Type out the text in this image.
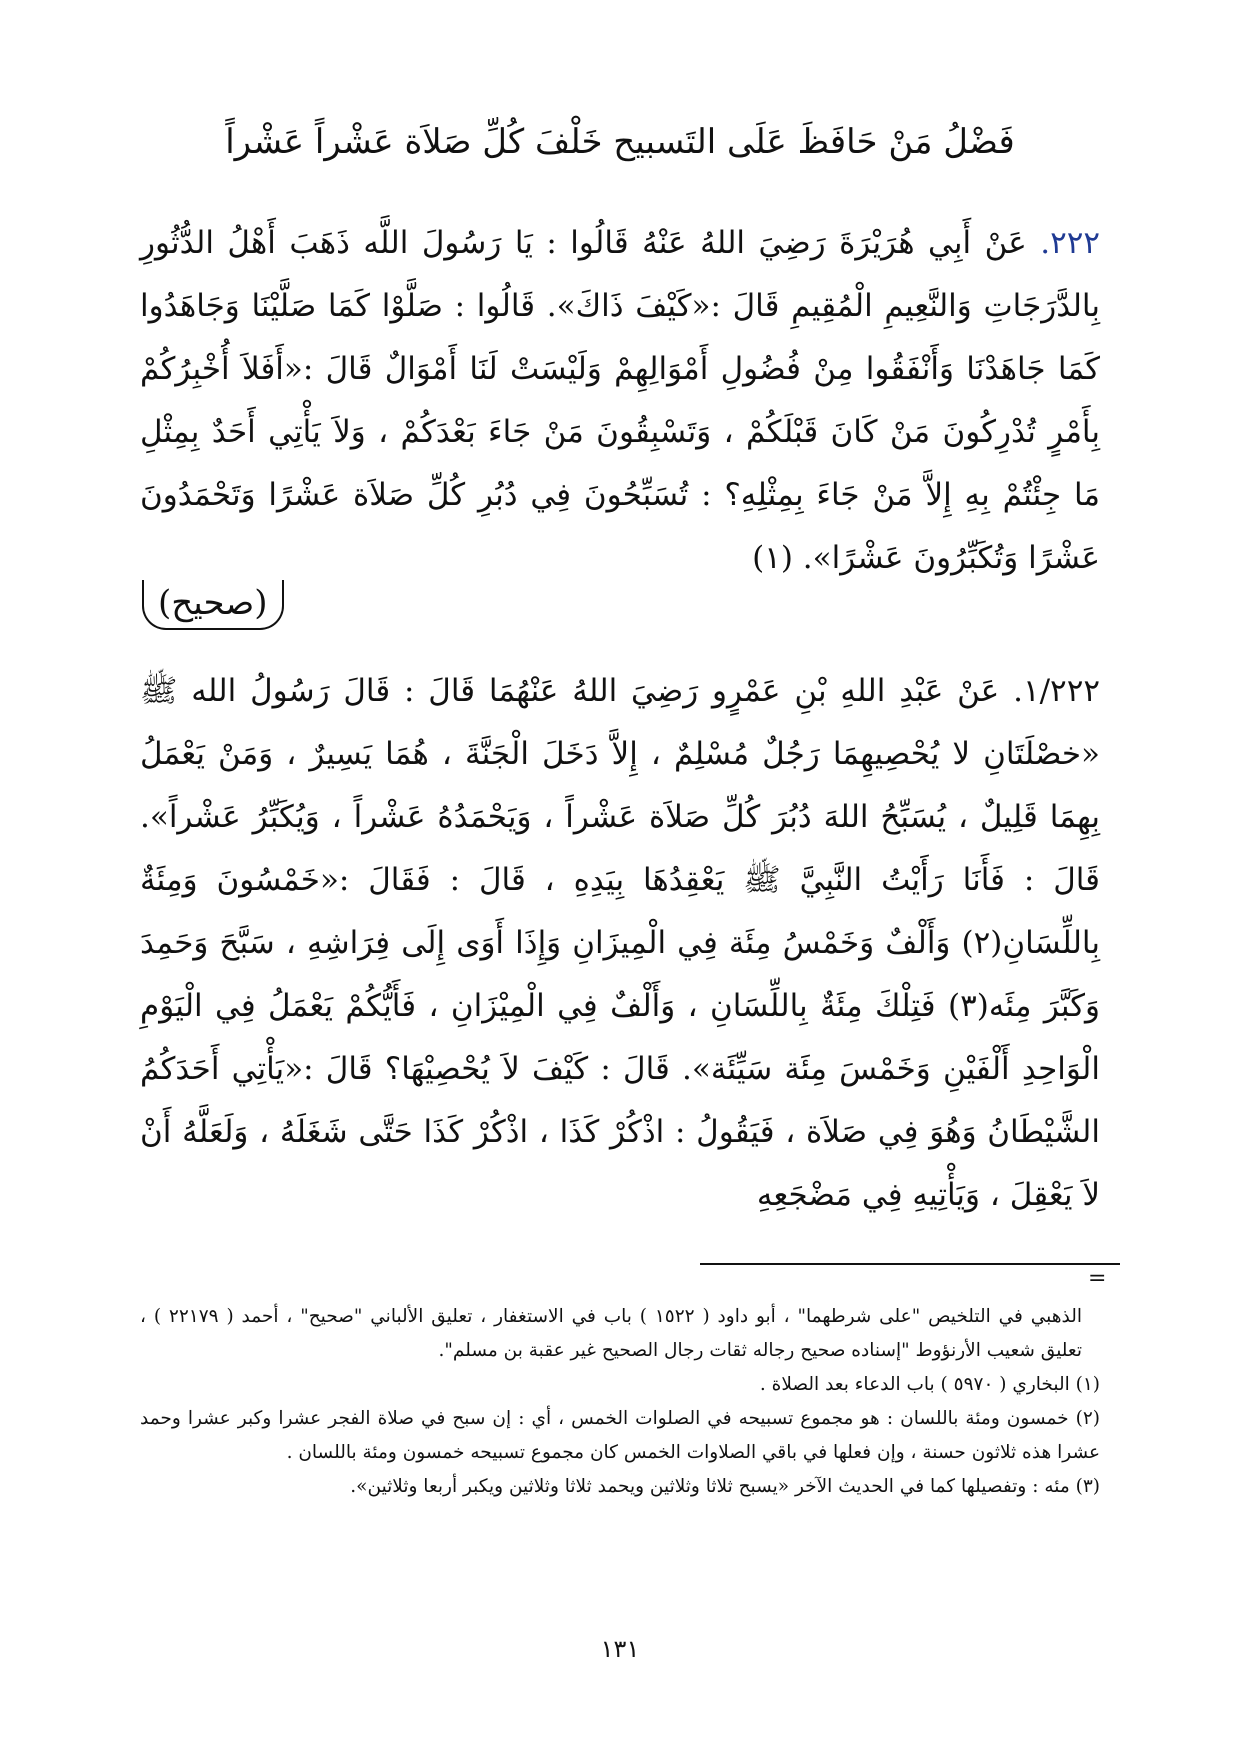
فَضْلُ مَنْ حَافَظَ عَلَى التَسبيح خَلْفَ كُلِّ صَلاَة عَشْراً عَشْراً

٢٢٢. عَنْ أَبِي هُرَيْرَةَ رَضِيَ اللهُ عَنْهُ قَالُوا : يَا رَسُولَ اللَّه ذَهَبَ أَهْلُ الدُّثُورِ بِالدَّرَجَاتِ وَالنَّعِيمِ الْمُقِيمِ قَالَ :«كَيْفَ ذَاكَ». قَالُوا : صَلَّوْا كَمَا صَلَّيْنَا وَجَاهَدُوا كَمَا جَاهَدْنَا وَأَنْفَقُوا مِنْ فُضُولِ أَمْوَالِهِمْ وَلَيْسَتْ لَنَا أَمْوَالٌ قَالَ :«أَفَلاَ أُخْبِرُكُمْ بِأَمْرٍ تُدْرِكُونَ مَنْ كَانَ قَبْلَكُمْ ، وَتَسْبِقُونَ مَنْ جَاءَ بَعْدَكُمْ ، وَلاَ يَأْتِي أَحَدٌ بِمِثْلِ مَا جِئْتُمْ بِهِ إِلاَّ مَنْ جَاءَ بِمِثْلِهِ؟ : تُسَبِّحُونَ فِي دُبُرِ كُلِّ صَلاَة عَشْرًا وَتَحْمَدُونَ عَشْرًا وَتُكَبِّرُونَ عَشْرًا». (١)

(صحيح)

١/٢٢٢. عَنْ عَبْدِ اللهِ بْنِ عَمْرٍو رَضِيَ اللهُ عَنْهُمَا قَالَ : قَالَ رَسُولُ الله ﷺ «خصْلَتَانِ لا يُحْصِيهِمَا رَجُلٌ مُسْلِمٌ ، إِلاَّ دَخَلَ الْجَنَّةَ ، هُمَا يَسِيرٌ ، وَمَنْ يَعْمَلُ بِهِمَا قَلِيلٌ ، يُسَبِّحُ اللهَ دُبُرَ كُلِّ صَلاَة عَشْراً ، وَيَحْمَدُهُ عَشْراً ، وَيُكَبِّرُ عَشْراً». قَالَ : فَأَنَا رَأَيْتُ النَّبِيَّ ﷺ يَعْقِدُهَا بِيَدِهِ ، قَالَ : فَقَالَ :«خَمْسُونَ وَمِئَةٌ بِاللِّسَانِ(٢) وَأَلْفٌ وَخَمْسُ مِئَة فِي الْمِيزَانِ وَإِذَا أَوَى إِلَى فِرَاشِهِ ، سَبَّحَ وَحَمِدَ وَكَبَّرَ مِئَه(٣) فَتِلْكَ مِئَةٌ بِاللِّسَانِ ، وَأَلْفٌ فِي الْمِيْزَانِ ، فَأَيُّكُمْ يَعْمَلُ فِي الْيَوْمِ الْوَاحِدِ أَلْفَيْنِ وَخَمْسَ مِئَة سَيِّئَة». قَالَ : كَيْفَ لاَ يُحْصِيْهَا؟ قَالَ :«يَأْتِي أَحَدَكُمُ الشَّيْطَانُ وَهُوَ فِي صَلاَة ، فَيَقُولُ : اذْكُرْ كَذَا ، اذْكُرْ كَذَا حَتَّى شَغَلَهُ ، وَلَعَلَّهُ أَنْ لاَ يَعْقِلَ ، وَيَأْتِيهِ فِي مَضْجَعِهِ

=

الذهبي في التلخيص "على شرطهما" ، أبو داود ( ١٥٢٢ ) باب في الاستغفار ، تعليق الألباني "صحيح" ، أحمد ( ٢٢١٧٩ ) ، تعليق شعيب الأرنؤوط "إسناده صحيح رجاله ثقات رجال الصحيح غير عقبة بن مسلم".

(١) البخاري ( ٥٩٧٠ ) باب الدعاء بعد الصلاة .

(٢) خمسون ومئة باللسان : هو مجموع تسبيحه في الصلوات الخمس ، أي : إن سبح في صلاة الفجر عشرا وكبر عشرا وحمد عشرا هذه ثلاثون حسنة ، وإن فعلها في باقي الصلاوات الخمس كان مجموع تسبيحه خمسون ومئة باللسان .

(٣) مئه : وتفصيلها كما في الحديث الآخر «يسبح ثلاثا وثلاثين ويحمد ثلاثا وثلاثين ويكبر أربعا وثلاثين».

١٣١
